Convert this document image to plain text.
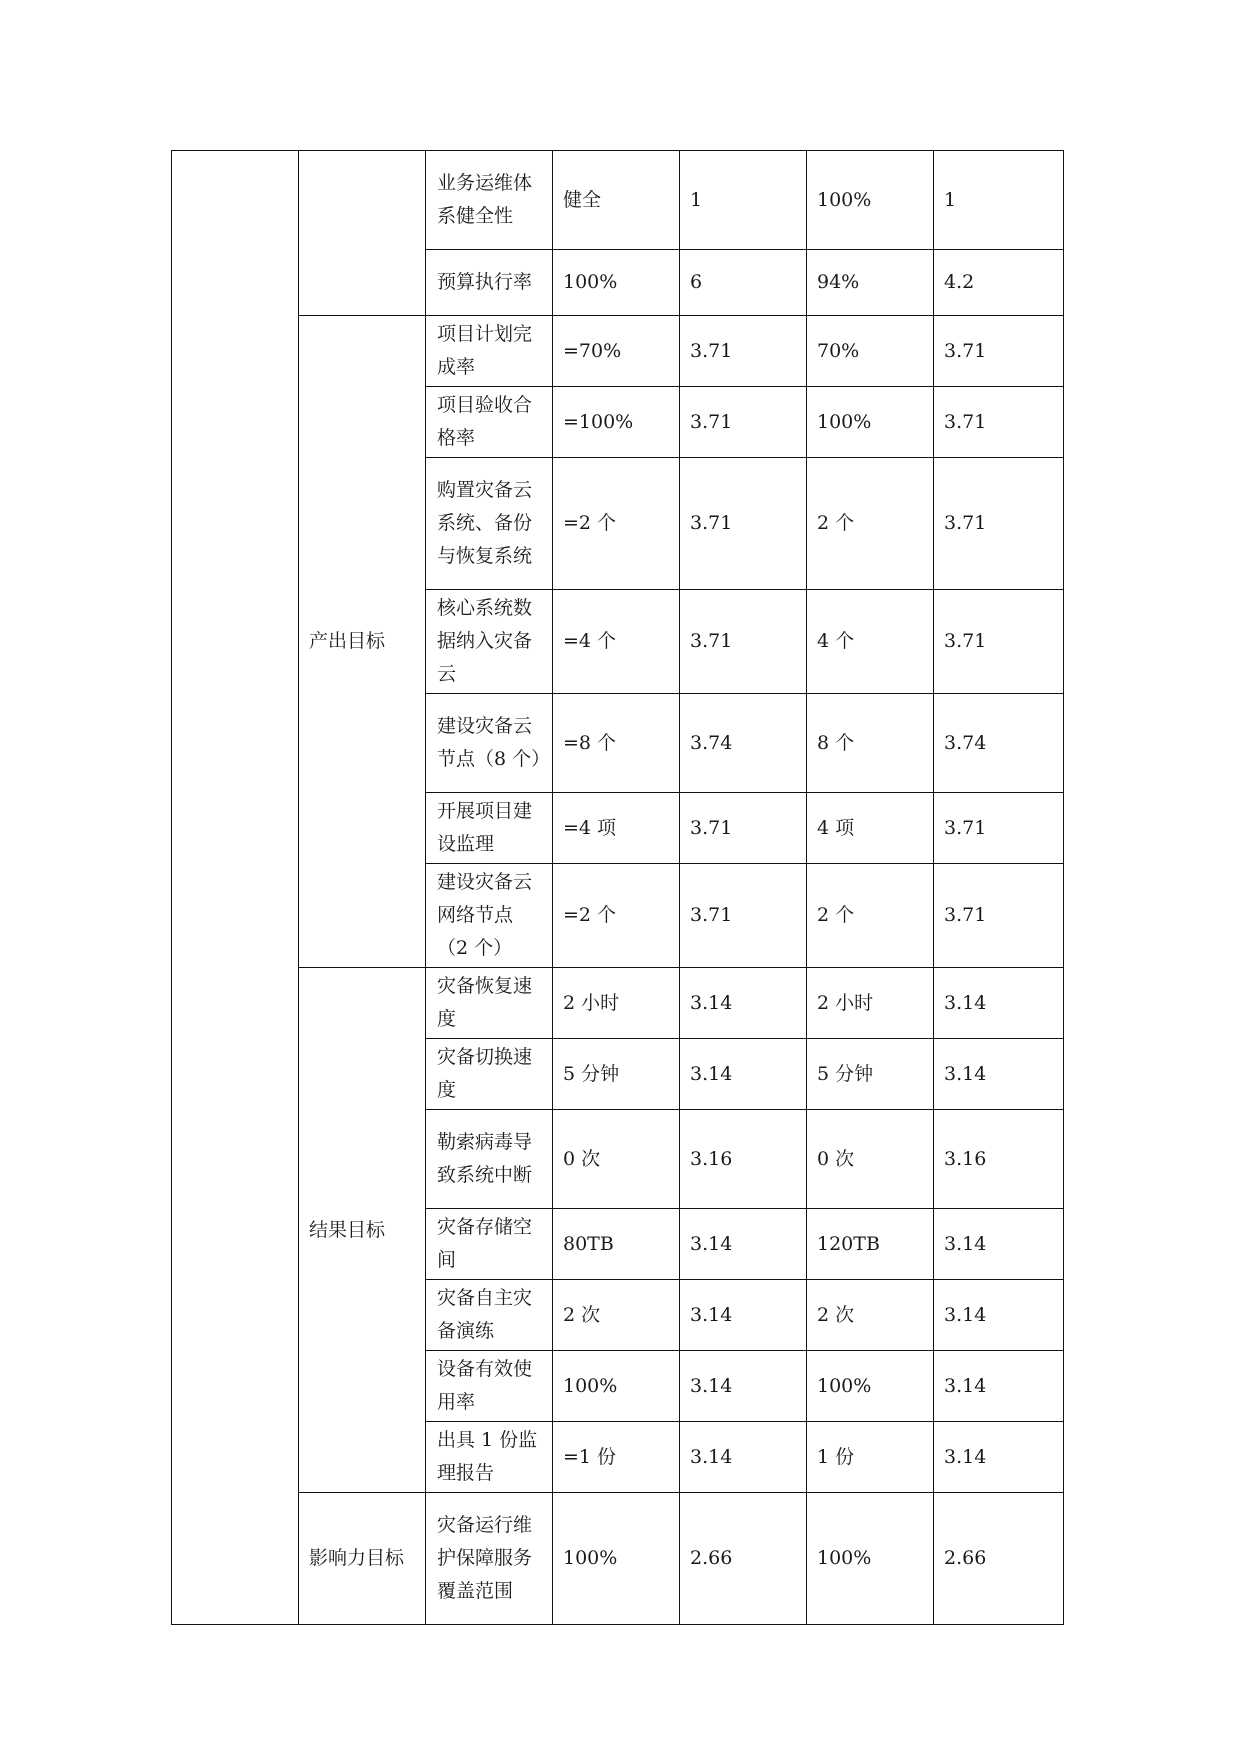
		业务运维体系健全性	健全	1	100%	1
		预算执行率	100%	6	94%	4.2
	产出目标	项目计划完成率	=70%	3.71	70%	3.71
		项目验收合格率	=100%	3.71	100%	3.71
		购置灾备云系统、备份与恢复系统	=2 个	3.71	2 个	3.71
		核心系统数据纳入灾备云	=4 个	3.71	4 个	3.71
		建设灾备云节点（8 个）	=8 个	3.74	8 个	3.74
		开展项目建设监理	=4 项	3.71	4 项	3.71
		建设灾备云网络节点（2 个）	=2 个	3.71	2 个	3.71
	结果目标	灾备恢复速度	2 小时	3.14	2 小时	3.14
		灾备切换速度	5 分钟	3.14	5 分钟	3.14
		勒索病毒导致系统中断	0 次	3.16	0 次	3.16
		灾备存储空间	80TB	3.14	120TB	3.14
		灾备自主灾备演练	2 次	3.14	2 次	3.14
		设备有效使用率	100%	3.14	100%	3.14
		出具 1 份监理报告	=1 份	3.14	1 份	3.14
	影响力目标	灾备运行维护保障服务覆盖范围	100%	2.66	100%	2.66
